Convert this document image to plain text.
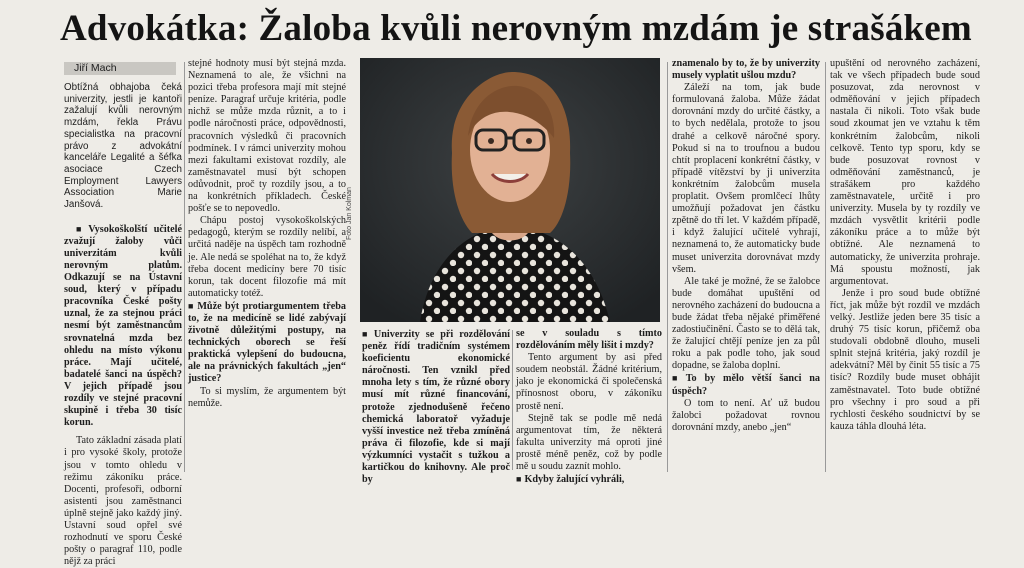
Advokátka: Žaloba kvůli nerovným mzdám je strašákem
Jiří Mach

Obtížná obhajoba čeká univerzity, jestli je kantoři zažalují kvůli nerovným mzdám, řekla Právu specialistka na pracovní právo z advokátní kanceláře Legalité a šéfka asociace Czech Employment Lawyers Association Marie Janšová.

■ Vysokoškolští učitelé zvažují žaloby vůči univerzitám kvůli nerovným platům. Odkazují se na Ústavní soud, který v případu pracovníka České pošty uznal, že za stejnou práci nesmí být zaměstnancům srovnatelná mzda bez ohledu na místo výkonu práce. Mají učitelé, badatelé šanci na úspěch? V jejich případě jsou rozdíly ve stejné pracovní skupině i třeba 30 tisíc korun.

Tato základní zásada platí i pro vysoké školy, protože jsou v tomto ohledu v režimu zákoníku práce. Docenti, profesoři, odborní asistenti jsou zaměstnanci úplně stejně jako každý jiný. Ustavní soud opřel své rozhodnutí ve sporu České pošty o paragraf 110, podle nějž za práci

stejné hodnoty musí být stejná mzda. Neznamená to ale, že všichni na pozici třeba profesora mají mít stejné peníze. Paragraf určuje kritéria, podle nichž se může mzda různit, a to i podle náročnosti práce, odpovědnosti, pracovních výsledků či pracovních podmínek. I v rámci univerzity mohou mezi fakultami existovat rozdíly, ale zaměstnavatel musí být schopen odůvodnit, proč ty rozdíly jsou, a to na konkrétních příkladech. České pošťe se to nepovedlo.

Chápu postoj vysokoškolských pedagogů, kterým se rozdíly nelíbí, a určitá naděje na úspěch tam rozhodně je. Ale nedá se spoléhat na to, že když třeba docent medicíny bere 70 tisíc korun, tak docent filozofie má mít automaticky totéž.

■ Může být protiargumentem třeba to, že na medicíně se lidé zabývají životně důležitými postupy, na technických oborech se řeší praktická vylepšení do budoucna, ale na právnických fakultách „jen“ justice?

To si myslím, že argumentem být nemůže.

Foto Jan Kolman

■ Univerzity se při rozdělování peněz řídí tradičním systémem koeficientu ekonomické náročnosti. Ten vznikl před mnoha lety s tím, že různé obory musí mít různé financování, protože zjednodušeně řečeno chemická laboratoř vyžaduje vyšší investice než třeba zmíněná práva či filozofie, kde si mají výzkumníci vystačit s tužkou a kartičkou do knihovny. Ale proč by

se v souladu s tímto rozdělováním měly lišit i mzdy?

Tento argument by asi před soudem neobstál. Žádné kritérium, jako je ekonomická či společenská přínosnost oboru, v zákoníku prostě není.

Stejně tak se podle mě nedá argumentovat tím, že některá fakulta univerzity má oproti jiné prostě méně peněz, což by podle mě u soudu zaznít mohlo.

■ Kdyby žalující vyhráli,

znamenalo by to, že by univerzity musely vyplatit ušlou mzdu?

Záleží na tom, jak bude formulovaná žaloba. Může žádat dorovnání mzdy do určité částky, a to bych nedělala, protože to jsou drahé a celkově náročné spory. Pokud si na to troufnou a budou chtít proplacení konkrétní částky, v případě vítězství by ji univerzita konkrétním žalobcům musela proplatit. Ovšem promlčecí lhůty umožňují požadovat jen částku zpětně do tří let. V každém případě, i když žalující učitelé vyhrají, neznamená to, že automaticky bude muset univerzita dorovnávat mzdy všem.

Ale také je možné, že se žalobce bude domáhat upuštění od nerovného zacházení do budoucna a bude žádat třeba nějaké přiměřené zadostiučinění. Často se to dělá tak, že žalující chtějí peníze jen za půl roku a pak podle toho, jak soud dopadne, se žaloba doplní.

■ To by mělo větší šanci na úspěch?

O tom to není. Ať už budou žalobci požadovat rovnou dorovnání mzdy, anebo „jen“

upuštění od nerovného zacházení, tak ve všech případech bude soud posuzovat, zda nerovnost v odměňování v jejich případech nastala či nikoli. Toto však bude soud zkoumat jen ve vztahu k těm konkrétním žalobcům, nikoli celkově. Tento typ sporu, kdy se bude posuzovat rovnost v odměňování zaměstnanců, je strašákem pro každého zaměstnavatele, určitě i pro univerzity. Musela by ty rozdíly ve mzdách vysvětlit kritérii podle zákoníku práce a to může být obtížné. Ale neznamená to automaticky, že univerzita prohraje. Má spoustu možností, jak argumentovat.

Jenže i pro soud bude obtížné říct, jak může být rozdíl ve mzdách velký. Jestliže jeden bere 35 tisíc a druhý 75 tisíc korun, přičemž oba studovali obdobně dlouho, museli splnit stejná kritéria, jaký rozdíl je adekvátní? Měl by činit 55 tisíc a 75 tisíc? Rozdíly bude muset obhájit zaměstnavatel. Toto bude obtížné pro všechny i pro soud a při rychlosti českého soudnictví by se kauza táhla dlouhá léta.
